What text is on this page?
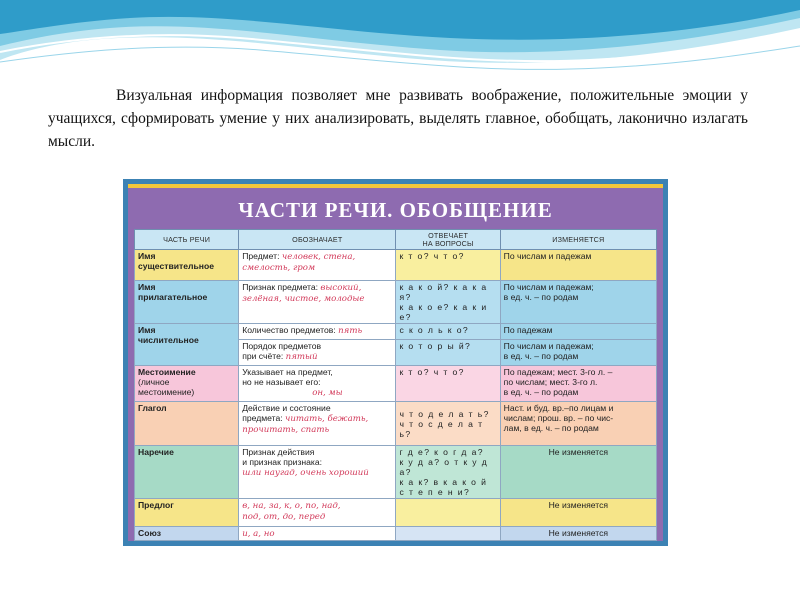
Визуальная информация позволяет мне развивать воображение, положительные эмоции у учащихся, сформировать умение у них анализировать, выделять главное, обобщать, лаконично излагать мысли.

ЧАСТИ РЕЧИ. ОБОБЩЕНИЕ
ЧАСТЬ РЕЧИ	ОБОЗНАЧАЕТ	ОТВЕЧАЕТ
НА ВОПРОСЫ	ИЗМЕНЯЕТСЯ
Имя
существительное	Предмет: человек, стена,
смелость, гром	к т о? ч т о?	По числам и падежам
Имя
прилагательное	Признак предмета: высокий,
зелёная, чистое, молодые	к а к о й? к а к а я?
к а к о е? к а к и е?	По числам и падежам;
в ед. ч. – по родам
Имя
числительное	Количество предметов: пять	с к о л ь к о?	По падежам
	Порядок предметов
при счёте: пятый	к о т о р ы й?	По числам и падежам;
в ед. ч. – по родам
Местоимение
(личное
местоимение)	Указывает на предмет,
но не называет его:
он, мы	к т о? ч т о?	По падежам; мест. 3-го л. –
по числам; мест. 3-го л.
в ед. ч. – по родам
Глагол	Действие и состояние
предмета: читать, бежать,
прочитать, спать	ч т о д е л а т ь?
ч т о с д е л а т ь?	Наст. и буд. вр.–по лицам и
числам; прош. вр. – по чис-
лам, в ед. ч. – по родам
Наречие	Признак действия
и признак признака:
шли наугад, очень хороший	г д е? к о г д а?
к у д а? о т к у д а?
к а к? в к а к о й
с т е п е н и?	Не изменяется
Предлог	в, на, за, к, о, по, над,
под, от, до, перед		Не изменяется
Союз	и, а, но		Не изменяется
